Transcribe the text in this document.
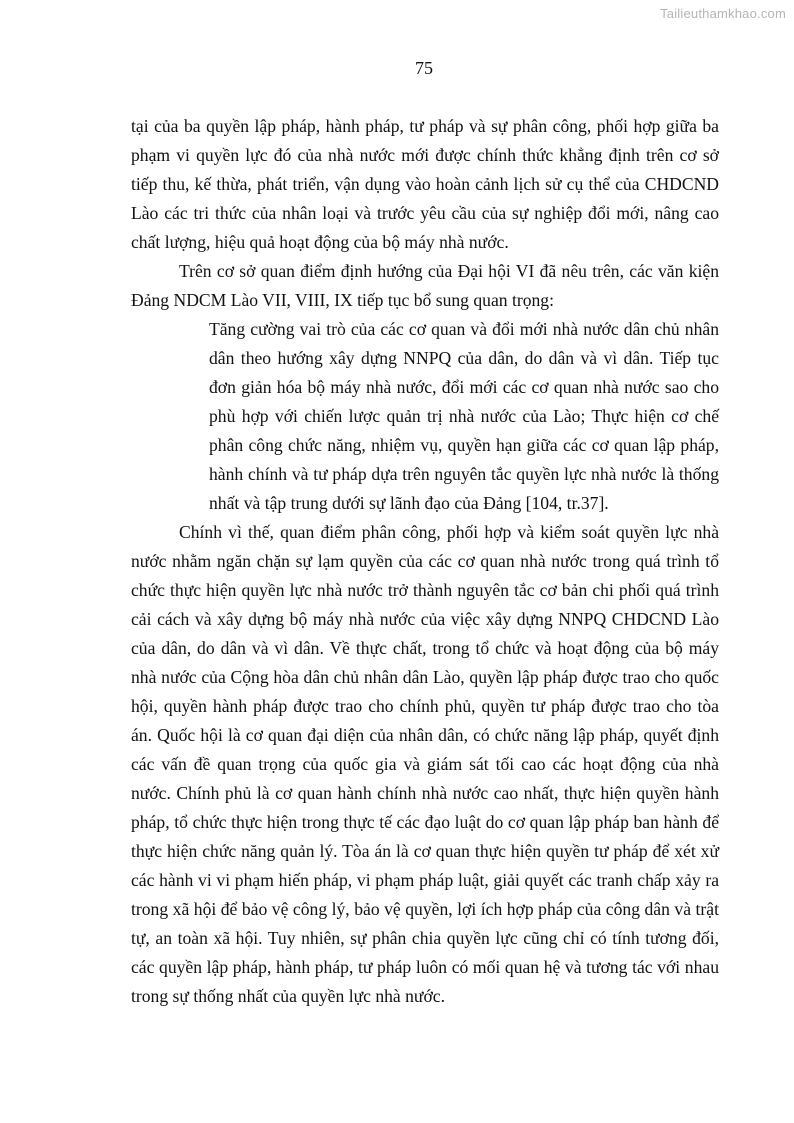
Tailieuthamkhao.com
75

tại của ba quyền lập pháp, hành pháp, tư pháp và sự phân công, phối hợp giữa ba phạm vi quyền lực đó của nhà nước mới được chính thức khẳng định trên cơ sở tiếp thu, kế thừa, phát triển, vận dụng vào hoàn cảnh lịch sử cụ thể của CHDCND Lào các tri thức của nhân loại và trước yêu cầu của sự nghiệp đổi mới, nâng cao chất lượng, hiệu quả hoạt động của bộ máy nhà nước.

Trên cơ sở quan điểm định hướng của Đại hội VI đã nêu trên, các văn kiện Đảng NDCM Lào VII, VIII, IX tiếp tục bổ sung quan trọng:

Tăng cường vai trò của các cơ quan và đổi mới nhà nước dân chủ nhân dân theo hướng xây dựng NNPQ của dân, do dân và vì dân. Tiếp tục đơn giản hóa bộ máy nhà nước, đổi mới các cơ quan nhà nước sao cho phù hợp với chiến lược quản trị nhà nước của Lào; Thực hiện cơ chế phân công chức năng, nhiệm vụ, quyền hạn giữa các cơ quan lập pháp, hành chính và tư pháp dựa trên nguyên tắc quyền lực nhà nước là thống nhất và tập trung dưới sự lãnh đạo của Đảng [104, tr.37].

Chính vì thế, quan điểm phân công, phối hợp và kiểm soát quyền lực nhà nước nhằm ngăn chặn sự lạm quyền của các cơ quan nhà nước trong quá trình tổ chức thực hiện quyền lực nhà nước trở thành nguyên tắc cơ bản chi phối quá trình cải cách và xây dựng bộ máy nhà nước của việc xây dựng NNPQ CHDCND Lào của dân, do dân và vì dân. Về thực chất, trong tổ chức và hoạt động của bộ máy nhà nước của Cộng hòa dân chủ nhân dân Lào, quyền lập pháp được trao cho quốc hội, quyền hành pháp được trao cho chính phủ, quyền tư pháp được trao cho tòa án. Quốc hội là cơ quan đại diện của nhân dân, có chức năng lập pháp, quyết định các vấn đề quan trọng của quốc gia và giám sát tối cao các hoạt động của nhà nước. Chính phủ là cơ quan hành chính nhà nước cao nhất, thực hiện quyền hành pháp, tổ chức thực hiện trong thực tế các đạo luật do cơ quan lập pháp ban hành để thực hiện chức năng quản lý. Tòa án là cơ quan thực hiện quyền tư pháp để xét xử các hành vi vi phạm hiến pháp, vi phạm pháp luật, giải quyết các tranh chấp xảy ra trong xã hội để bảo vệ công lý, bảo vệ quyền, lợi ích hợp pháp của công dân và trật tự, an toàn xã hội. Tuy nhiên, sự phân chia quyền lực cũng chỉ có tính tương đối, các quyền lập pháp, hành pháp, tư pháp luôn có mối quan hệ và tương tác với nhau trong sự thống nhất của quyền lực nhà nước.
